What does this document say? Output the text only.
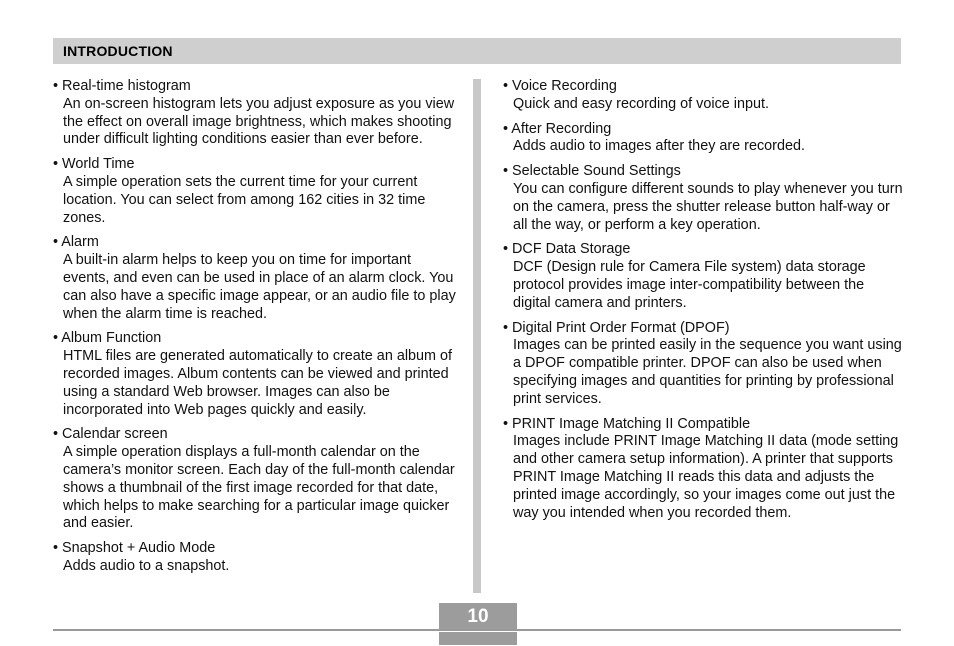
INTRODUCTION
• Real-time histogram
An on-screen histogram lets you adjust exposure as you view the effect on overall image brightness, which makes shooting under difficult lighting conditions easier than ever before.
• World Time
A simple operation sets the current time for your current location. You can select from among 162 cities in 32 time zones.
• Alarm
A built-in alarm helps to keep you on time for important events, and even can be used in place of an alarm clock. You can also have a specific image appear, or an audio file to play when the alarm time is reached.
• Album Function
HTML files are generated automatically to create an album of recorded images. Album contents can be viewed and printed using a standard Web browser. Images can also be incorporated into Web pages quickly and easily.
• Calendar screen
A simple operation displays a full-month calendar on the camera’s monitor screen. Each day of the full-month calendar shows a thumbnail of the first image recorded for that date, which helps to make searching for a particular image quicker and easier.
• Snapshot + Audio Mode
Adds audio to a snapshot.
• Voice Recording
Quick and easy recording of voice input.
• After Recording
Adds audio to images after they are recorded.
• Selectable Sound Settings
You can configure different sounds to play whenever you turn on the camera, press the shutter release button half-way or all the way, or perform a key operation.
• DCF Data Storage
DCF (Design rule for Camera File system) data storage protocol provides image inter-compatibility between the digital camera and printers.
• Digital Print Order Format (DPOF)
Images can be printed easily in the sequence you want using a DPOF compatible printer. DPOF can also be used when specifying images and quantities for printing by professional print services.
• PRINT Image Matching II Compatible
Images include PRINT Image Matching II data (mode setting and other camera setup information). A printer that supports PRINT Image Matching II reads this data and adjusts the printed image accordingly, so your images come out just the way you intended when you recorded them.
10
